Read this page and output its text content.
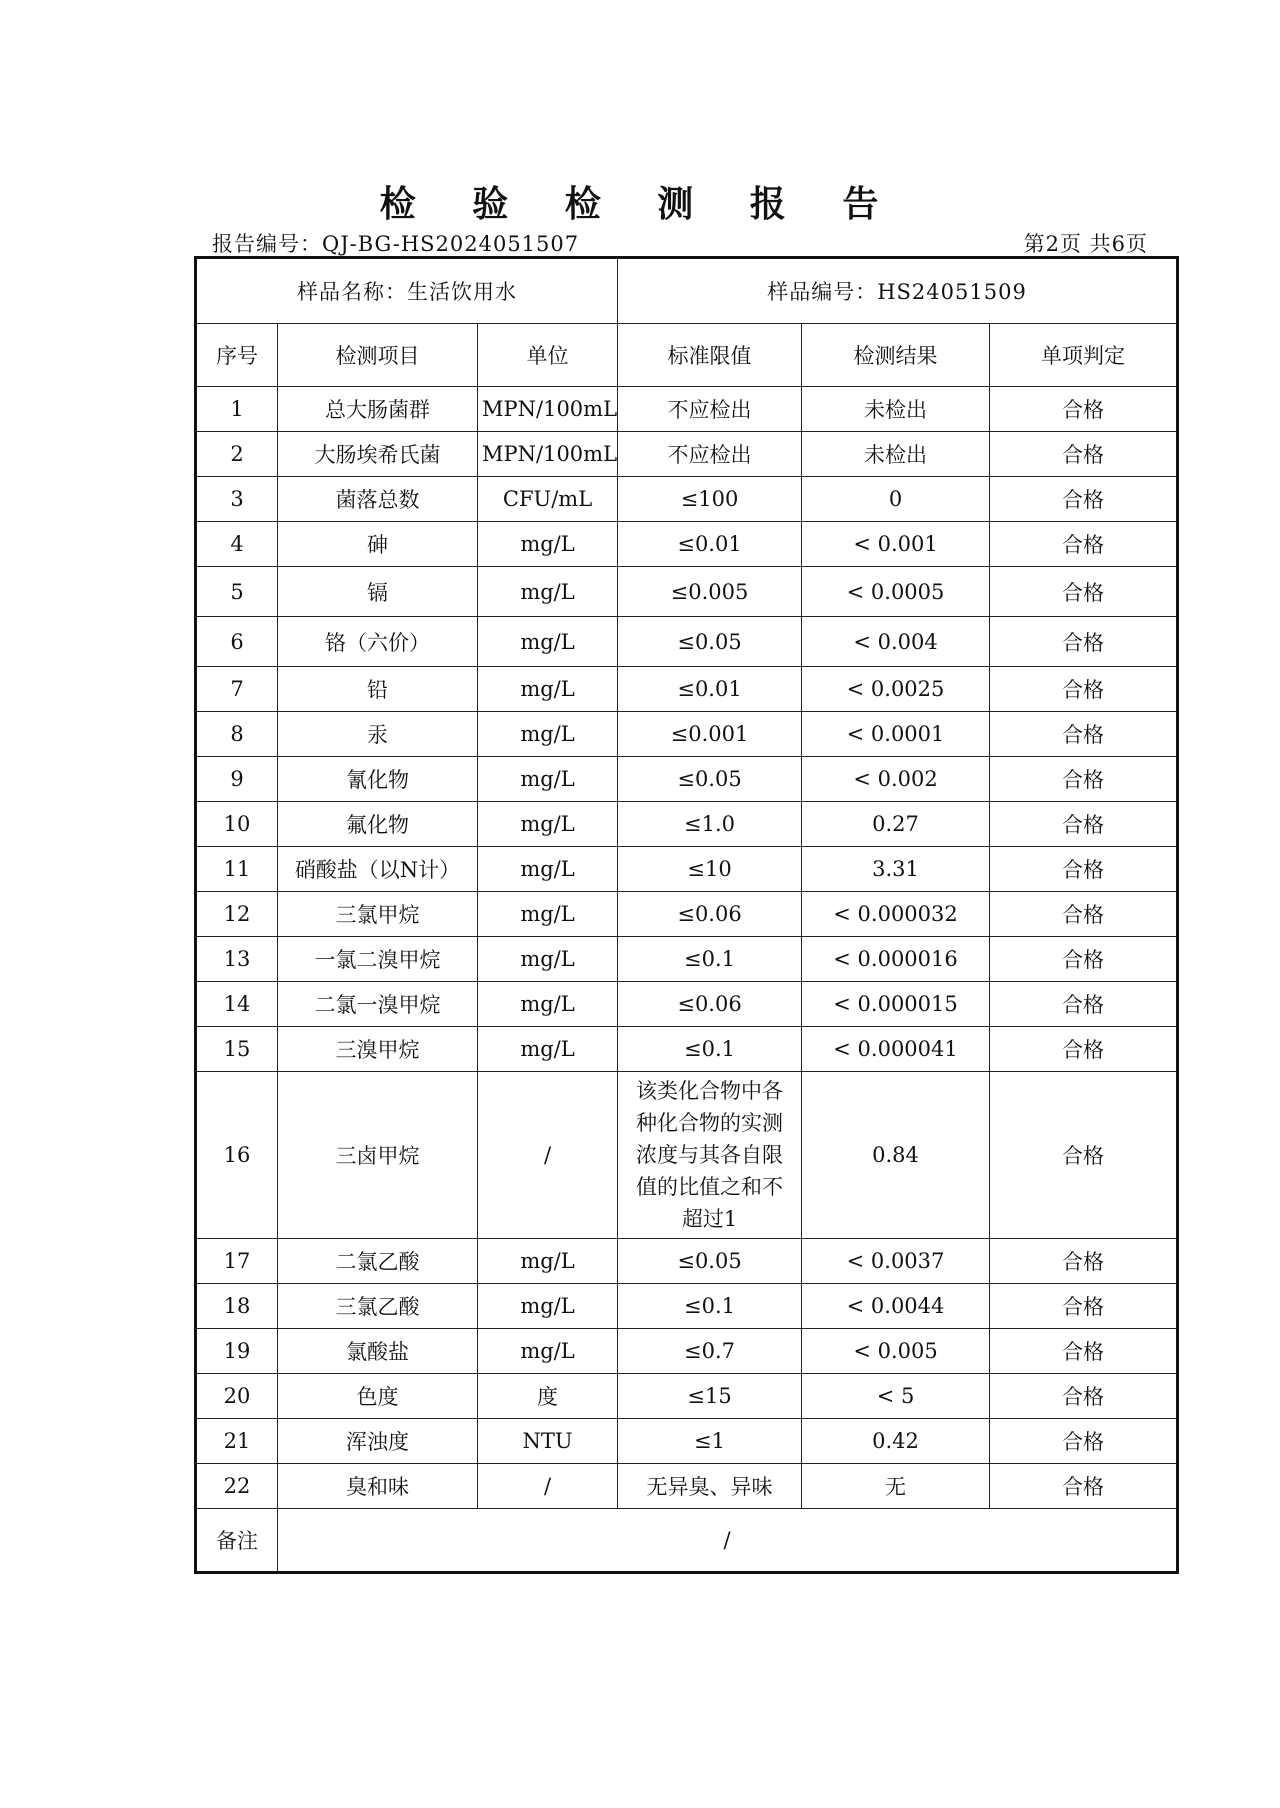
检 验 检 测 报 告
报告编号：QJ-BG-HS2024051507	第2页 共6页
样品名称：生活饮用水			样品编号：HS24051509		
序号	检测项目	单位	标准限值	检测结果	单项判定
1	总大肠菌群	MPN/100mL	不应检出	未检出	合格
2	大肠埃希氏菌	MPN/100mL	不应检出	未检出	合格
3	菌落总数	CFU/mL	≤100	0	合格
4	砷	mg/L	≤0.01	< 0.001	合格
5	镉	mg/L	≤0.005	< 0.0005	合格
6	铬（六价）	mg/L	≤0.05	< 0.004	合格
7	铅	mg/L	≤0.01	< 0.0025	合格
8	汞	mg/L	≤0.001	< 0.0001	合格
9	氰化物	mg/L	≤0.05	< 0.002	合格
10	氟化物	mg/L	≤1.0	0.27	合格
11	硝酸盐（以N计）	mg/L	≤10	3.31	合格
12	三氯甲烷	mg/L	≤0.06	< 0.000032	合格
13	一氯二溴甲烷	mg/L	≤0.1	< 0.000016	合格
14	二氯一溴甲烷	mg/L	≤0.06	< 0.000015	合格
15	三溴甲烷	mg/L	≤0.1	< 0.000041	合格
16	三卤甲烷	/	该类化合物中各种化合物的实测浓度与其各自限值的比值之和不超过1	0.84	合格
17	二氯乙酸	mg/L	≤0.05	< 0.0037	合格
18	三氯乙酸	mg/L	≤0.1	< 0.0044	合格
19	氯酸盐	mg/L	≤0.7	< 0.005	合格
20	色度	度	≤15	< 5	合格
21	浑浊度	NTU	≤1	0.42	合格
22	臭和味	/	无异臭、异味	无	合格
备注	/				
